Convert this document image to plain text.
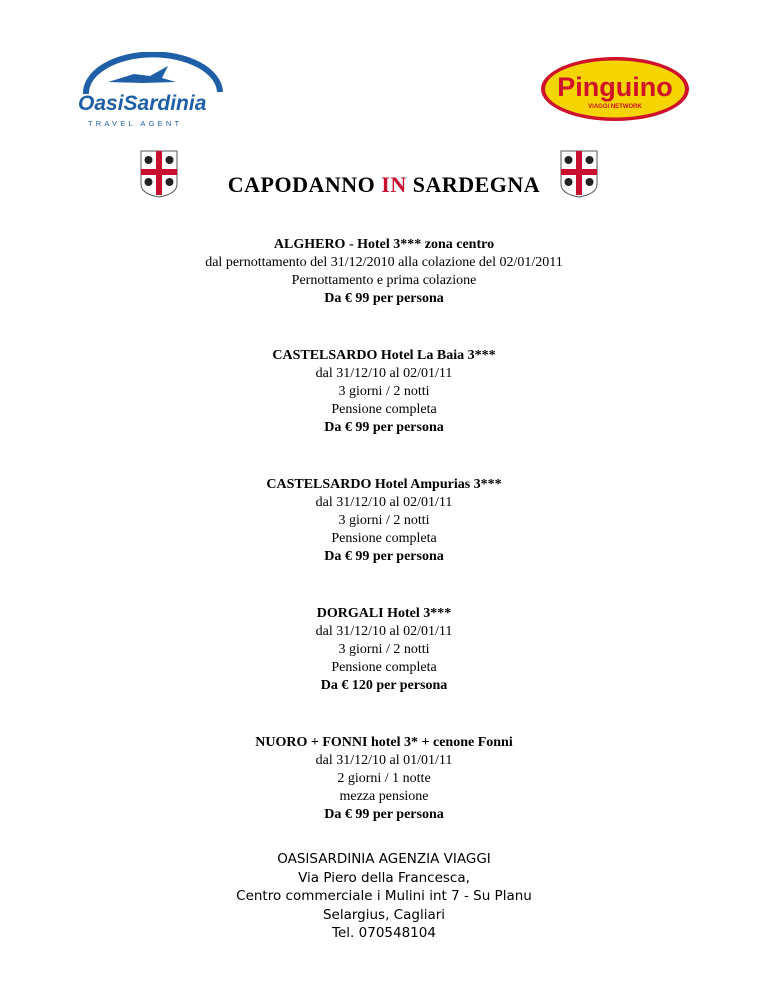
OasiSardinia
TRAVEL AGENT
Pinguino
VIAGGI NETWORK
CAPODANNO IN SARDEGNA
ALGHERO - Hotel 3*** zona centro
dal pernottamento del 31/12/2010 alla colazione del 02/01/2011
Pernottamento e prima colazione
Da € 99 per persona
CASTELSARDO Hotel La Baia 3***
dal 31/12/10 al 02/01/11
3 giorni / 2 notti
Pensione completa
Da € 99 per persona
CASTELSARDO Hotel Ampurias 3***
dal 31/12/10 al 02/01/11
3 giorni / 2 notti
Pensione completa
Da € 99 per persona
DORGALI Hotel 3***
dal 31/12/10 al 02/01/11
3 giorni / 2 notti
Pensione completa
Da € 120 per persona
NUORO + FONNI hotel 3* + cenone Fonni
dal 31/12/10 al 01/01/11
2 giorni / 1 notte
mezza pensione
Da € 99 per persona
OASISARDINIA AGENZIA VIAGGI
Via Piero della Francesca,
Centro commerciale i Mulini int 7 - Su Planu
Selargius, Cagliari
Tel. 070548104
